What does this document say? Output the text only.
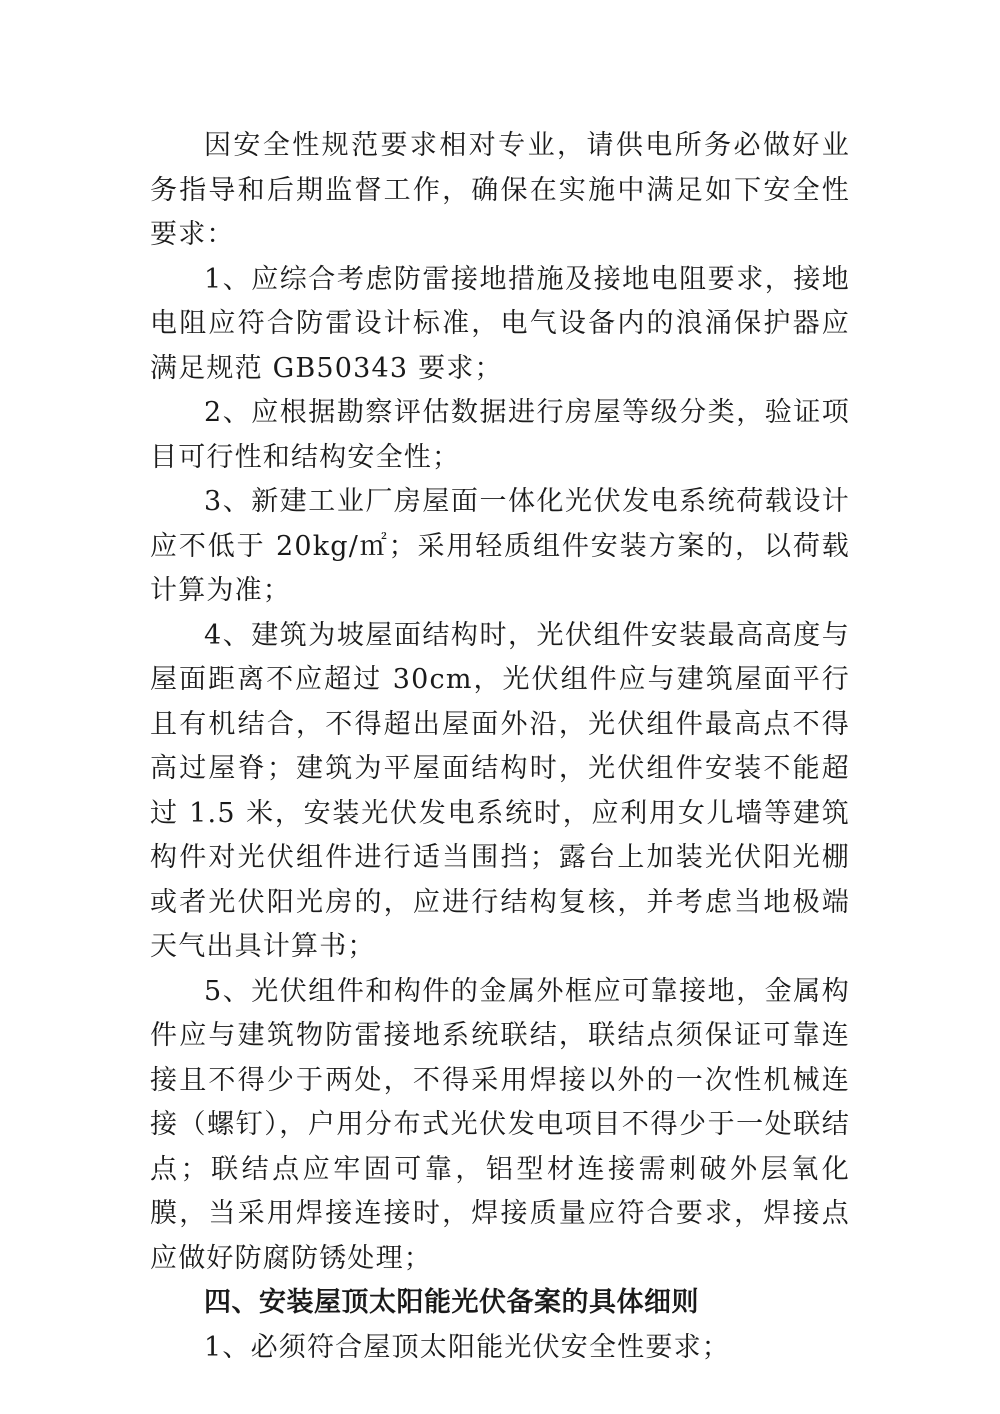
因安全性规范要求相对专业，请供电所务必做好业务指导和后期监督工作，确保在实施中满足如下安全性要求：

1、应综合考虑防雷接地措施及接地电阻要求，接地电阻应符合防雷设计标准，电气设备内的浪涌保护器应满足规范 GB50343 要求；

2、应根据勘察评估数据进行房屋等级分类，验证项目可行性和结构安全性；

3、新建工业厂房屋面一体化光伏发电系统荷载设计应不低于 20kg/㎡；采用轻质组件安装方案的，以荷载计算为准；

4、建筑为坡屋面结构时，光伏组件安装最高高度与屋面距离不应超过 30cm，光伏组件应与建筑屋面平行且有机结合，不得超出屋面外沿，光伏组件最高点不得高过屋脊；建筑为平屋面结构时，光伏组件安装不能超过 1.5 米，安装光伏发电系统时，应利用女儿墙等建筑构件对光伏组件进行适当围挡；露台上加装光伏阳光棚或者光伏阳光房的，应进行结构复核，并考虑当地极端天气出具计算书；

5、光伏组件和构件的金属外框应可靠接地，金属构件应与建筑物防雷接地系统联结，联结点须保证可靠连接且不得少于两处，不得采用焊接以外的一次性机械连接（螺钉），户用分布式光伏发电项目不得少于一处联结点；联结点应牢固可靠，铝型材连接需刺破外层氧化膜，当采用焊接连接时，焊接质量应符合要求，焊接点应做好防腐防锈处理；

四、安装屋顶太阳能光伏备案的具体细则

1、必须符合屋顶太阳能光伏安全性要求；
